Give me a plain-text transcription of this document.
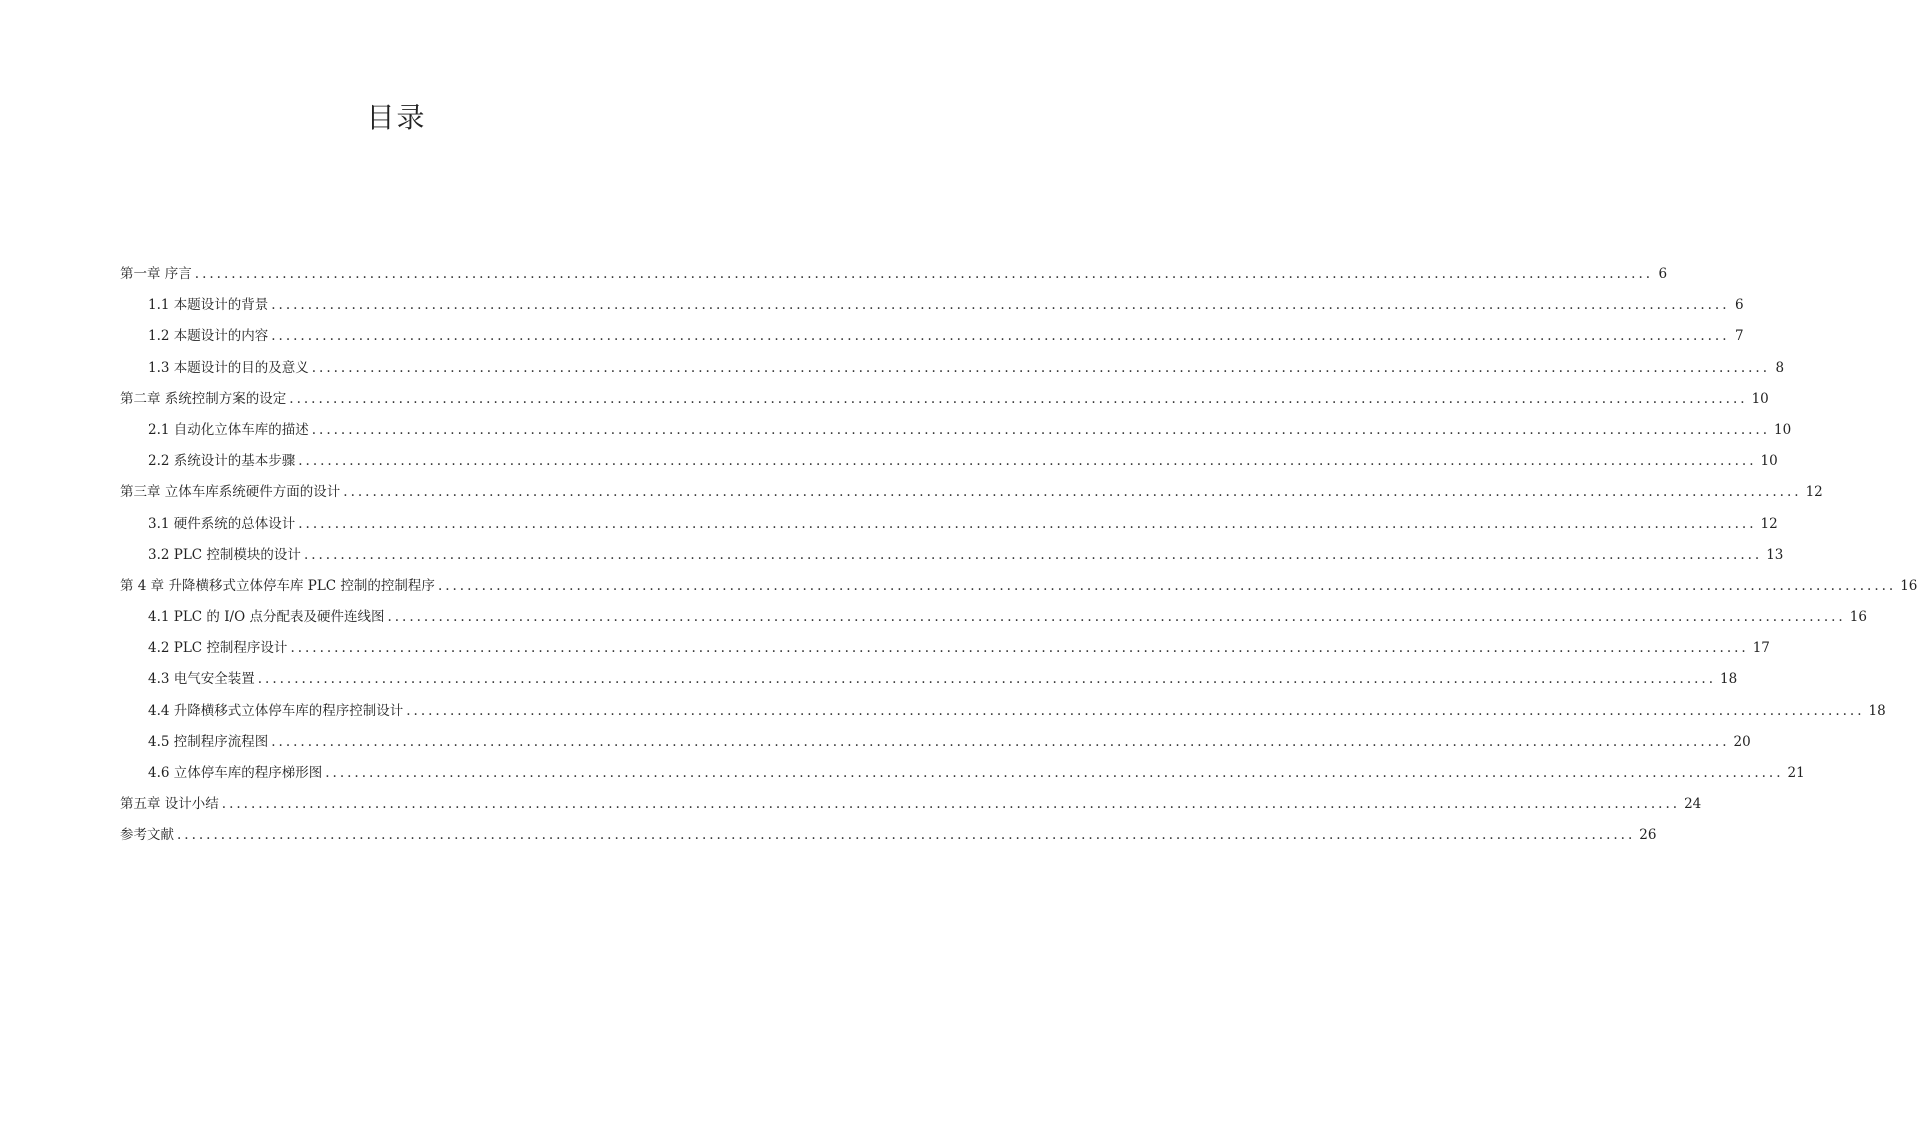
目录
第一章 序言 ........................................................................................................................................................................................................ 6
1.1 本题设计的背景 ........................................................................................................................................................................................................ 6
1.2 本题设计的内容 ........................................................................................................................................................................................................ 7
1.3 本题设计的目的及意义 ........................................................................................................................................................................................................ 8
第二章 系统控制方案的设定 ........................................................................................................................................................................................................ 10
2.1 自动化立体车库的描述 ........................................................................................................................................................................................................ 10
2.2 系统设计的基本步骤 ........................................................................................................................................................................................................ 10
第三章 立体车库系统硬件方面的设计 ........................................................................................................................................................................................................ 12
3.1 硬件系统的总体设计 ........................................................................................................................................................................................................ 12
3.2 PLC 控制模块的设计 ........................................................................................................................................................................................................ 13
第 4 章 升降横移式立体停车库 PLC 控制的控制程序 ........................................................................................................................................................................................................ 16
4.1 PLC 的 I/O 点分配表及硬件连线图 ........................................................................................................................................................................................................ 16
4.2 PLC 控制程序设计 ........................................................................................................................................................................................................ 17
4.3 电气安全装置 ........................................................................................................................................................................................................ 18
4.4 升降横移式立体停车库的程序控制设计 ........................................................................................................................................................................................................ 18
4.5 控制程序流程图 ........................................................................................................................................................................................................ 20
4.6 立体停车库的程序梯形图 ........................................................................................................................................................................................................ 21
第五章 设计小结 ........................................................................................................................................................................................................ 24
参考文献 ........................................................................................................................................................................................................ 26
